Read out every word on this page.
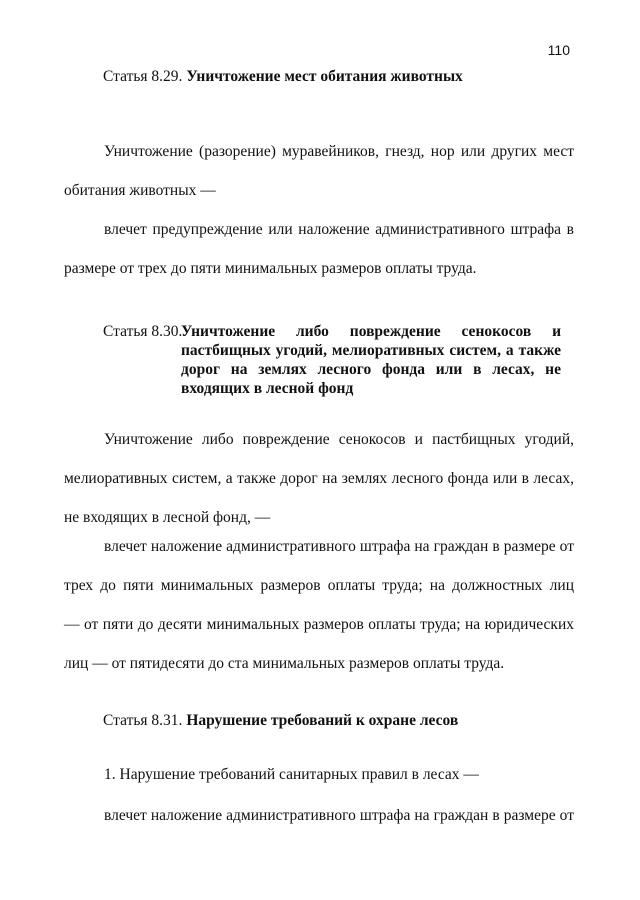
110
Статья 8.29. Уничтожение мест обитания животных
Уничтожение (разорение) муравейников, гнезд, нор или других мест
обитания животных —
влечет предупреждение или наложение административного штрафа в
размере от трех до пяти минимальных размеров оплаты труда.
Статья 8.30.
Уничтожение либо повреждение сенокосов и
пастбищных угодий, мелиоративных систем, а также
дорог на землях лесного фонда или в лесах, не
входящих в лесной фонд
Уничтожение либо повреждение сенокосов и пастбищных угодий,
мелиоративных систем, а также дорог на землях лесного фонда или в лесах,
не входящих в лесной фонд, —
влечет наложение административного штрафа на граждан в размере от
трех до пяти минимальных размеров оплаты труда; на должностных лиц
— от пяти до десяти минимальных размеров оплаты труда; на юридических
лиц — от пятидесяти до ста минимальных размеров оплаты труда.
Статья 8.31. Нарушение требований к охране лесов
1. Нарушение требований санитарных правил в лесах —
влечет наложение административного штрафа на граждан в размере от
